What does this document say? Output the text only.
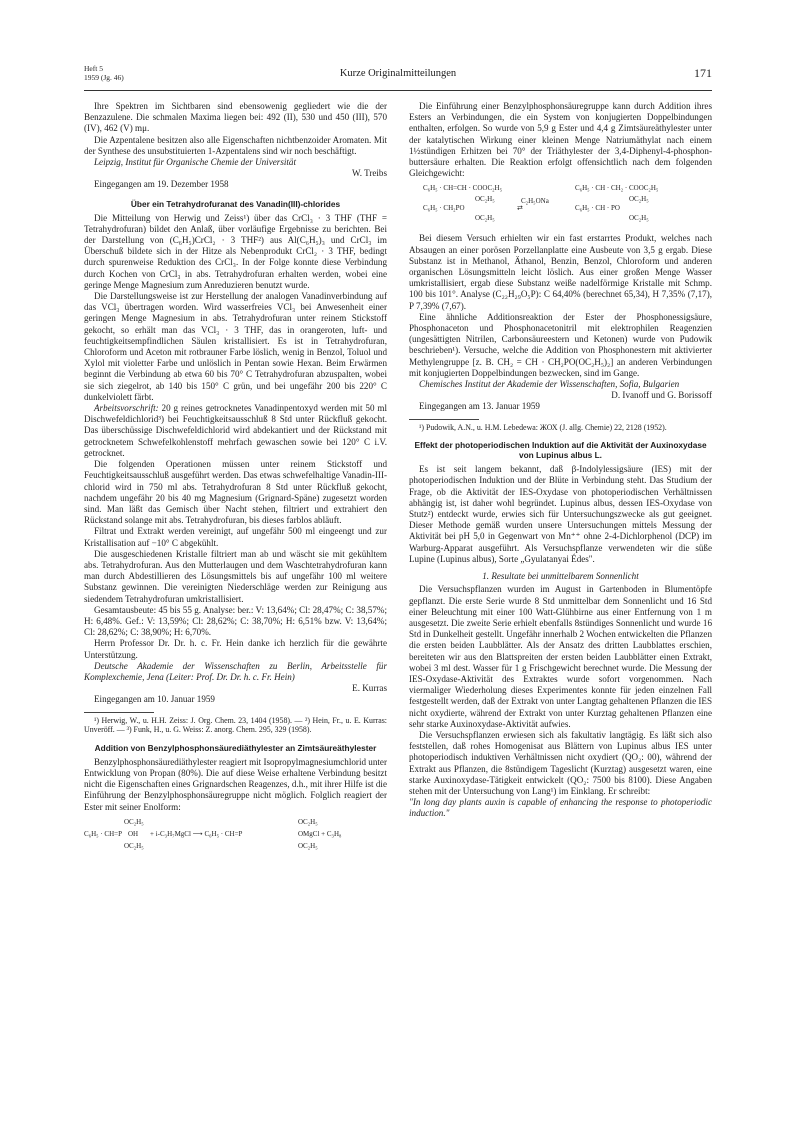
Heft 5
1959 (Jg. 46)	Kurze Originalmitteilungen	171

Ihre Spektren im Sichtbaren sind ebensowenig gegliedert wie die der Benzazulene. Die schmalen Maxima liegen bei: 492 (II), 530 und 450 (III), 570 (IV), 462 (V) mμ.

Die Azpentalene besitzen also alle Eigenschaften nichtbenzoider Aromaten. Mit der Synthese des unsubstituierten 1-Azpentalens sind wir noch beschäftigt.

Leipzig, Institut für Organische Chemie der Universität

W. Treibs
Eingegangen am 19. Dezember 1958
Über ein Tetrahydrofuranat des Vanadin(III)-chlorides

Die Mitteilung von Herwig und Zeiss¹) über das CrCl₃ · 3 THF (THF = Tetrahydrofuran) bildet den Anlaß, über vorläufige Ergebnisse zu berichten. Bei der Darstellung von (C₆H₅)CrCl₂ · 3 THF²) aus Al(C₆H₅)₃ und CrCl₃ im Überschuß bildete sich in der Hitze als Nebenprodukt CrCl₂ · 3 THF, bedingt durch spurenweise Reduktion des CrCl₃. In der Folge konnte diese Verbindung durch Kochen von CrCl₃ in abs. Tetrahydrofuran erhalten werden, wobei eine geringe Menge Magnesium zum Anreduzieren benutzt wurde.

Die Darstellungsweise ist zur Herstellung der analogen Vanadinverbindung auf das VCl₃ übertragen worden. Wird wasserfreies VCl₃ bei Anwesenheit einer geringen Menge Magnesium in abs. Tetrahydrofuran unter reinem Stickstoff gekocht, so erhält man das VCl₃ · 3 THF, das in orangeroten, luft- und feuchtigkeitsempfindlichen Säulen kristallisiert. Es ist in Tetrahydrofuran, Chloroform und Aceton mit rotbrauner Farbe löslich, wenig in Benzol, Toluol und Xylol mit violetter Farbe und unlöslich in Pentan sowie Hexan. Beim Erwärmen beginnt die Verbindung ab etwa 60 bis 70° C Tetrahydrofuran abzuspalten, wobei sie sich ziegelrot, ab 140 bis 150° C grün, und bei ungefähr 200 bis 220° C dunkelviolett färbt.

Arbeitsvorschrift: 20 g reines getrocknetes Vanadinpentoxyd werden mit 50 ml Dischwefeldichlorid³) bei Feuchtigkeitsausschluß 8 Std unter Rückfluß gekocht. Das überschüssige Dischwefeldichlorid wird abdekantiert und der Rückstand mit getrocknetem Schwefelkohlenstoff mehrfach gewaschen sowie bei 120° C i.V. getrocknet.

Die folgenden Operationen müssen unter reinem Stickstoff und Feuchtigkeitsausschluß ausgeführt werden. Das etwas schwefelhaltige Vanadin-III-chlorid wird in 750 ml abs. Tetrahydrofuran 8 Std unter Rückfluß gekocht, nachdem ungefähr 20 bis 40 mg Magnesium (Grignard-Späne) zugesetzt worden sind. Man läßt das Gemisch über Nacht stehen, filtriert und extrahiert den Rückstand solange mit abs. Tetrahydrofuran, bis dieses farblos abläuft.

Filtrat und Extrakt werden vereinigt, auf ungefähr 500 ml eingeengt und zur Kristallisation auf −10° C abgekühlt.

Die ausgeschiedenen Kristalle filtriert man ab und wäscht sie mit gekühltem abs. Tetrahydrofuran. Aus den Mutterlaugen und dem Waschtetrahydrofuran kann man durch Abdestillieren des Lösungsmittels bis auf ungefähr 100 ml weitere Substanz gewinnen. Die vereinigten Niederschläge werden zur Reinigung aus siedendem Tetrahydrofuran umkristallisiert.

Gesamtausbeute: 45 bis 55 g. Analyse: ber.: V: 13,64%; Cl: 28,47%; C: 38,57%; H: 6,48%. Gef.: V: 13,59%; Cl: 28,62%; C: 38,70%; H: 6,51% bzw. V: 13,64%; Cl: 28,62%; C: 38,90%; H: 6,70%.

Herrn Professor Dr. Dr. h. c. Fr. Hein danke ich herzlich für die gewährte Unterstützung.

Deutsche Akademie der Wissenschaften zu Berlin, Arbeitsstelle für Komplexchemie, Jena (Leiter: Prof. Dr. Dr. h. c. Fr. Hein)

E. Kurras
Eingegangen am 10. Januar 1959

¹) Herwig, W., u. H.H. Zeiss: J. Org. Chem. 23, 1404 (1958). — ²) Hein, Fr., u. E. Kurras: Unveröff. — ³) Funk, H., u. G. Weiss: Z. anorg. Chem. 295, 329 (1958).

Addition von Benzylphosphonsäurediäthylester an Zimtsäureäthylester

Benzylphosphonsäurediäthylester reagiert mit Isopropylmagnesiumchlorid unter Entwicklung von Propan (80%). Die auf diese Weise erhaltene Verbindung besitzt nicht die Eigenschaften eines Grignardschen Reagenzes, d.h., mit ihrer Hilfe ist die Einführung der Benzylphosphonsäuregruppe nicht möglich. Folglich reagiert der Ester mit seiner Enolform:

OC₂H₅
C₆H₅ · CH=P OH
OC₂H₅
+ i-C₃H₇MgCl ⟶ C₆H₅ · CH=P
OC₂H₅
OMgCl + C₃H₈
OC₂H₅

Die Einführung einer Benzylphosphonsäuregruppe kann durch Addition ihres Esters an Verbindungen, die ein System von konjugierten Doppelbindungen enthalten, erfolgen. So wurde von 5,9 g Ester und 4,4 g Zimtsäureäthylester unter der katalytischen Wirkung einer kleinen Menge Natriumäthylat nach einem 1½stündigen Erhitzen bei 70° der Triäthylester der 3,4-Diphenyl-4-phosphon-buttersäure erhalten. Die Reaktion erfolgt offensichtlich nach dem folgenden Gleichgewicht:

C₆H₅ · CH=CH · COOC₂H₅
OC₂H₅
C₆H₅ · CH₂PO
OC₂H₅
C₂H₅ONa
⇄
C₆H₅ · CH · CH₂ · COOC₂H₅
OC₂H₅
C₆H₅ · CH · PO
OC₂H₅

Bei diesem Versuch erhielten wir ein fast erstarrtes Produkt, welches nach Absaugen an einer porösen Porzellanplatte eine Ausbeute von 3,5 g ergab. Diese Substanz ist in Methanol, Äthanol, Benzin, Benzol, Chloroform und anderen organischen Lösungsmitteln leicht löslich. Aus einer großen Menge Wasser umkristallisiert, ergab diese Substanz weiße nadelförmige Kristalle mit Schmp. 100 bis 101°. Analyse (C₂₂H₂₉O₅P): C 64,40% (berechnet 65,34), H 7,35% (7,17), P 7,39% (7,67).

Eine ähnliche Additionsreaktion der Ester der Phosphonessigsäure, Phosphonaceton und Phosphonacetonitril mit elektrophilen Reagenzien (ungesättigten Nitrilen, Carbonsäureestern und Ketonen) wurde von Pudowik beschrieben¹). Versuche, welche die Addition von Phosphonestern mit aktivierter Methylengruppe [z. B. CH₂ = CH · CH₂PO(OC₂H₅)₂] an anderen Verbindungen mit konjugierten Doppelbindungen bezwecken, sind im Gange.

Chemisches Institut der Akademie der Wissenschaften, Sofia, Bulgarien

D. Ivanoff und G. Borissoff
Eingegangen am 13. Januar 1959

¹) Pudowik, A.N., u. H.M. Lebedewa: ЖОХ (J. allg. Chemie) 22, 2128 (1952).

Effekt der photoperiodischen Induktion auf die Aktivität der Auxinoxydase von Lupinus albus L.

Es ist seit langem bekannt, daß β-Indolylessigsäure (IES) mit der photoperiodischen Induktion und der Blüte in Verbindung steht. Das Studium der Frage, ob die Aktivität der IES-Oxydase von photoperiodischen Verhältnissen abhängig ist, ist daher wohl begründet. Lupinus albus, dessen IES-Oxydase von Stutz²) entdeckt wurde, erwies sich für Untersuchungszwecke als gut geeignet. Dieser Methode gemäß wurden unsere Untersuchungen mittels Messung der Aktivität bei pH 5,0 in Gegenwart von Mn⁺⁺ ohne 2-4-Dichlorphenol (DCP) im Warburg-Apparat ausgeführt. Als Versuchspflanze verwendeten wir die süße Lupine (Lupinus albus), Sorte „Gyulatanyai Édes".

1. Resultate bei unmittelbarem Sonnenlicht

Die Versuchspflanzen wurden im August in Gartenboden in Blumentöpfe gepflanzt. Die erste Serie wurde 8 Std unmittelbar dem Sonnenlicht und 16 Std einer Beleuchtung mit einer 100 Watt-Glühbirne aus einer Entfernung von 1 m ausgesetzt. Die zweite Serie erhielt ebenfalls 8stündiges Sonnenlicht und wurde 16 Std in Dunkelheit gestellt. Ungefähr innerhalb 2 Wochen entwickelten die Pflanzen die ersten beiden Laubblätter. Als der Ansatz des dritten Laubblattes erschien, bereiteten wir aus den Blattspreiten der ersten beiden Laubblätter einen Extrakt, wobei 3 ml dest. Wasser für 1 g Frischgewicht berechnet wurde. Die Messung der IES-Oxydase-Aktivität des Extraktes wurde sofort vorgenommen. Nach viermaliger Wiederholung dieses Experimentes konnte für jeden einzelnen Fall festgestellt werden, daß der Extrakt von unter Langtag gehaltenen Pflanzen die IES nicht oxydierte, während der Extrakt von unter Kurztag gehaltenen Pflanzen eine sehr starke Auxinoxydase-Aktivität aufwies.

Die Versuchspflanzen erwiesen sich als fakultativ langtägig. Es läßt sich also feststellen, daß rohes Homogenisat aus Blättern von Lupinus albus IES unter photoperiodisch induktiven Verhältnissen nicht oxydiert (QO₂: 00), während der Extrakt aus Pflanzen, die 8stündigem Tageslicht (Kurztag) ausgesetzt waren, eine starke Auxinoxydase-Tätigkeit entwickelt (QO₂: 7500 bis 8100). Diese Angaben stehen mit der Untersuchung von Lang¹) im Einklang. Er schreibt:

"In long day plants auxin is capable of enhancing the response to photoperiodic induction."
